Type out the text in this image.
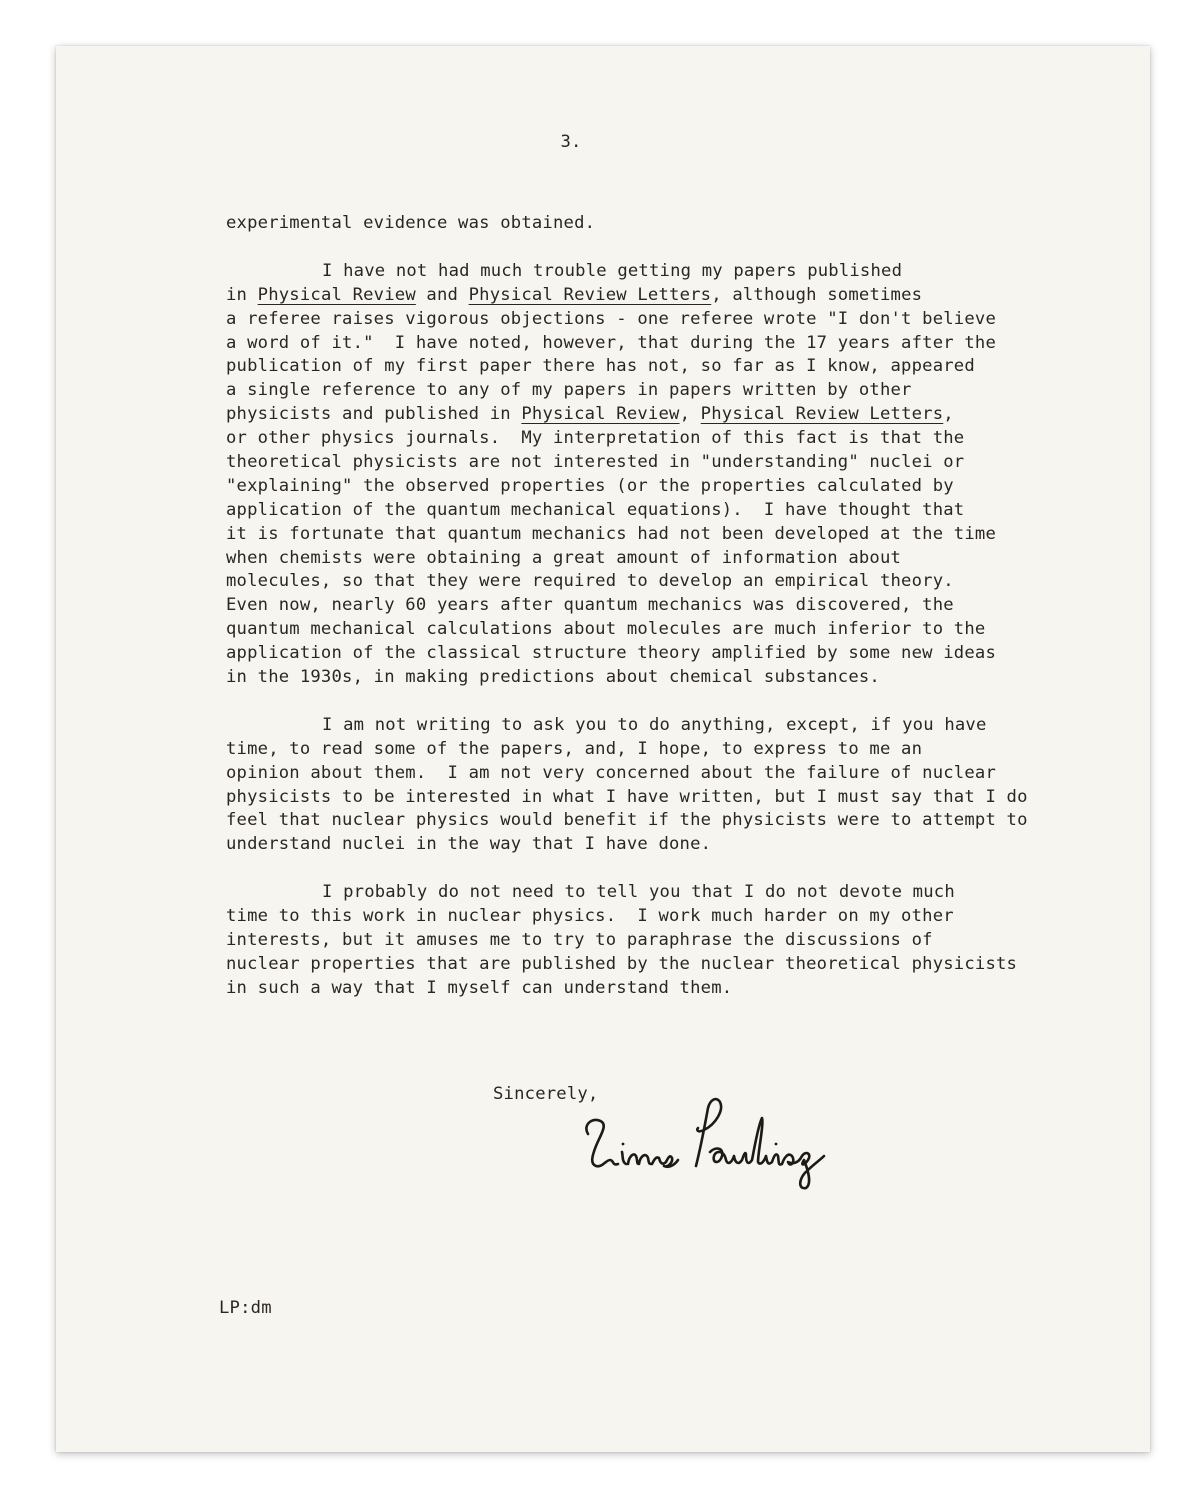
3.
experimental evidence was obtained.
I have not had much trouble getting my papers published
in Physical Review and Physical Review Letters, although sometimes
a referee raises vigorous objections - one referee wrote "I don't believe
a word of it."  I have noted, however, that during the 17 years after the
publication of my first paper there has not, so far as I know, appeared
a single reference to any of my papers in papers written by other
physicists and published in Physical Review, Physical Review Letters,
or other physics journals.  My interpretation of this fact is that the
theoretical physicists are not interested in "understanding" nuclei or
"explaining" the observed properties (or the properties calculated by
application of the quantum mechanical equations).  I have thought that
it is fortunate that quantum mechanics had not been developed at the time
when chemists were obtaining a great amount of information about
molecules, so that they were required to develop an empirical theory.
Even now, nearly 60 years after quantum mechanics was discovered, the
quantum mechanical calculations about molecules are much inferior to the
application of the classical structure theory amplified by some new ideas
in the 1930s, in making predictions about chemical substances.
I am not writing to ask you to do anything, except, if you have
time, to read some of the papers, and, I hope, to express to me an
opinion about them.  I am not very concerned about the failure of nuclear
physicists to be interested in what I have written, but I must say that I do
feel that nuclear physics would benefit if the physicists were to attempt to
understand nuclei in the way that I have done.
I probably do not need to tell you that I do not devote much
time to this work in nuclear physics.  I work much harder on my other
interests, but it amuses me to try to paraphrase the discussions of
nuclear properties that are published by the nuclear theoretical physicists
in such a way that I myself can understand them.
Sincerely,
LP:dm
